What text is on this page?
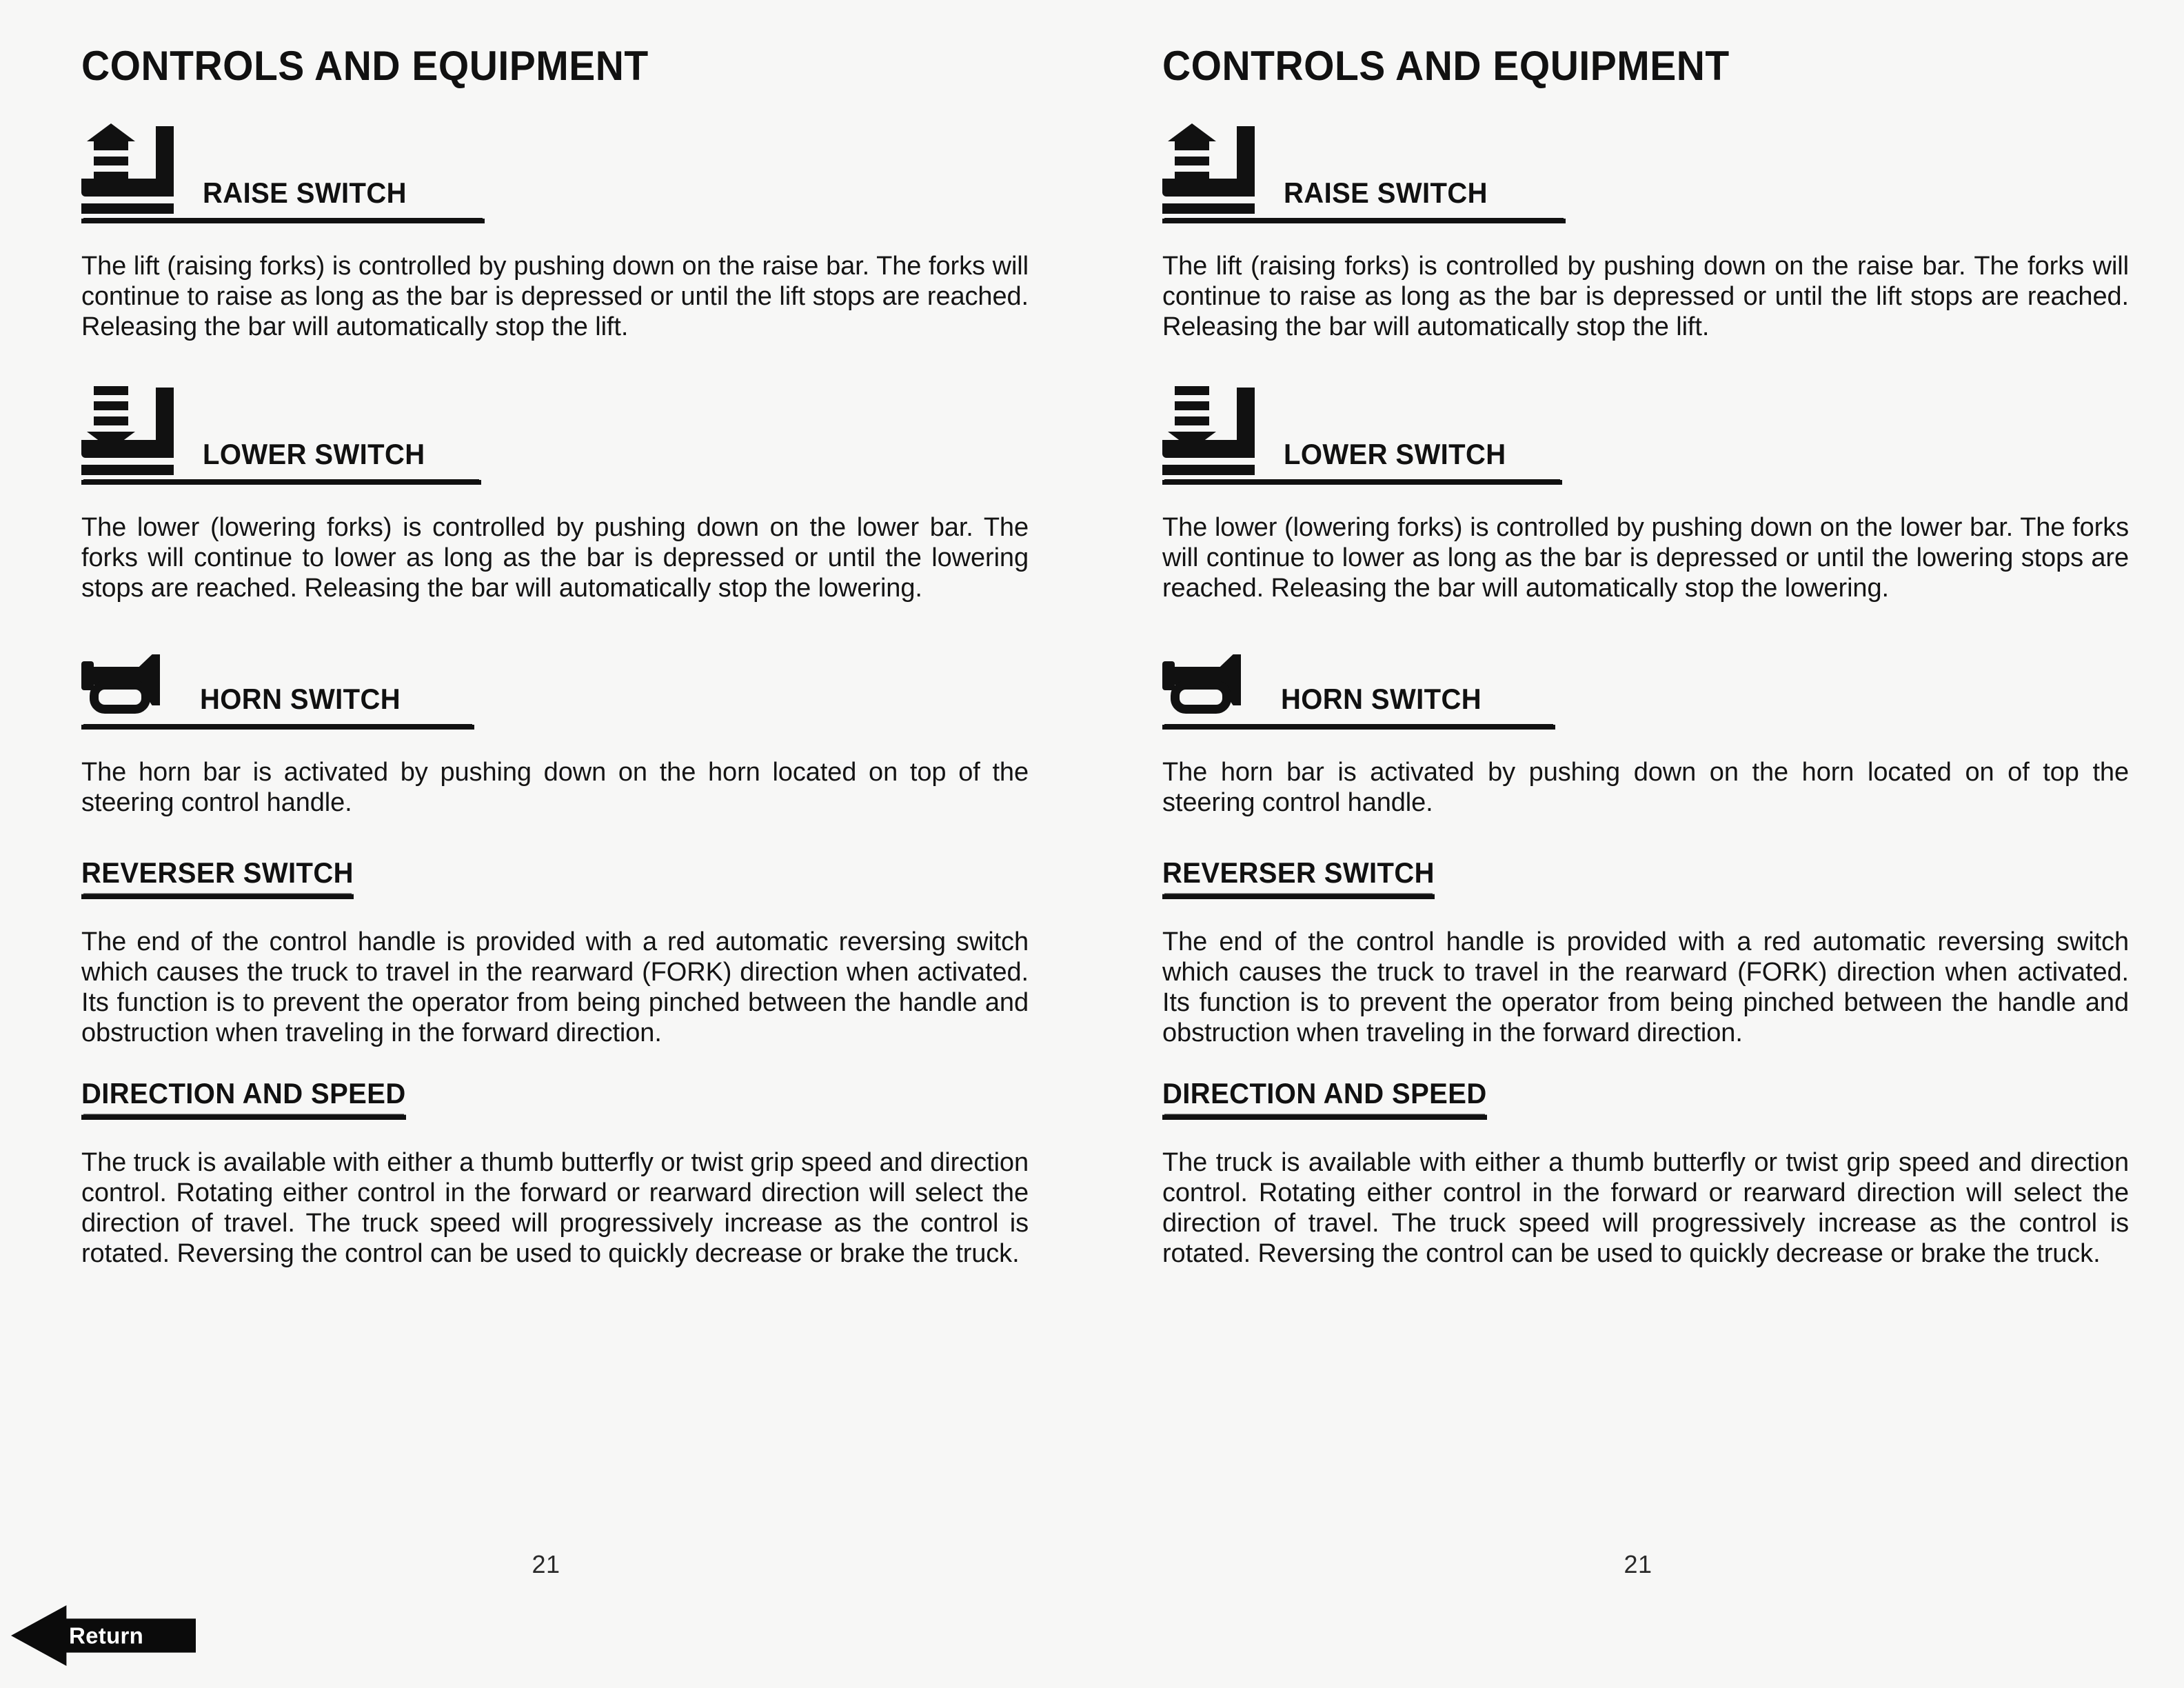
CONTROLS AND EQUIPMENT
RAISE SWITCH

The lift (raising forks) is controlled by pushing down on the raise bar. The forks will continue to raise as long as the bar is depressed or until the lift stops are reached. Releasing the bar will automatically stop the lift.

LOWER SWITCH

The lower (lowering forks) is controlled by pushing down on the lower bar. The forks will continue to lower as long as the bar is depressed or until the lowering stops are reached. Releasing the bar will automatically stop the lowering.

HORN SWITCH

The horn bar is activated by pushing down on the horn located on top of the steering control handle.

REVERSER SWITCH

The end of the control handle is provided with a red automatic reversing switch which causes the truck to travel in the rearward (FORK) direction when activated. Its function is to prevent the operator from being pinched between the handle and obstruction when traveling in the forward direction.

DIRECTION AND SPEED

The truck is available with either a thumb butterfly or twist grip speed and direction control. Rotating either control in the forward or rearward direction will select the direction of travel. The truck speed will progressively increase as the control is rotated. Reversing the control can be used to quickly decrease or brake the truck.

21
CONTROLS AND EQUIPMENT
RAISE SWITCH

The lift (raising forks) is controlled by pushing down on the raise bar. The forks will continue to raise as long as the bar is depressed or until the lift stops are reached. Releasing the bar will automatically stop the lift.

LOWER SWITCH

The lower (lowering forks) is controlled by pushing down on the lower bar. The forks will continue to lower as long as the bar is depressed or until the lowering stops are reached. Releasing the bar will automatically stop the lowering.

HORN SWITCH

The horn bar is activated by pushing down on the horn located on of top the steering control handle.

REVERSER SWITCH

The end of the control handle is provided with a red automatic reversing switch which causes the truck to travel in the rearward (FORK) direction when activated. Its function is to prevent the operator from being pinched between the handle and obstruction when traveling in the forward direction.

DIRECTION AND SPEED

The truck is available with either a thumb butterfly or twist grip speed and direction control. Rotating either control in the forward or rearward direction will select the direction of travel. The truck speed will progressively increase as the control is rotated. Reversing the control can be used to quickly decrease or brake the truck.

21
Return
